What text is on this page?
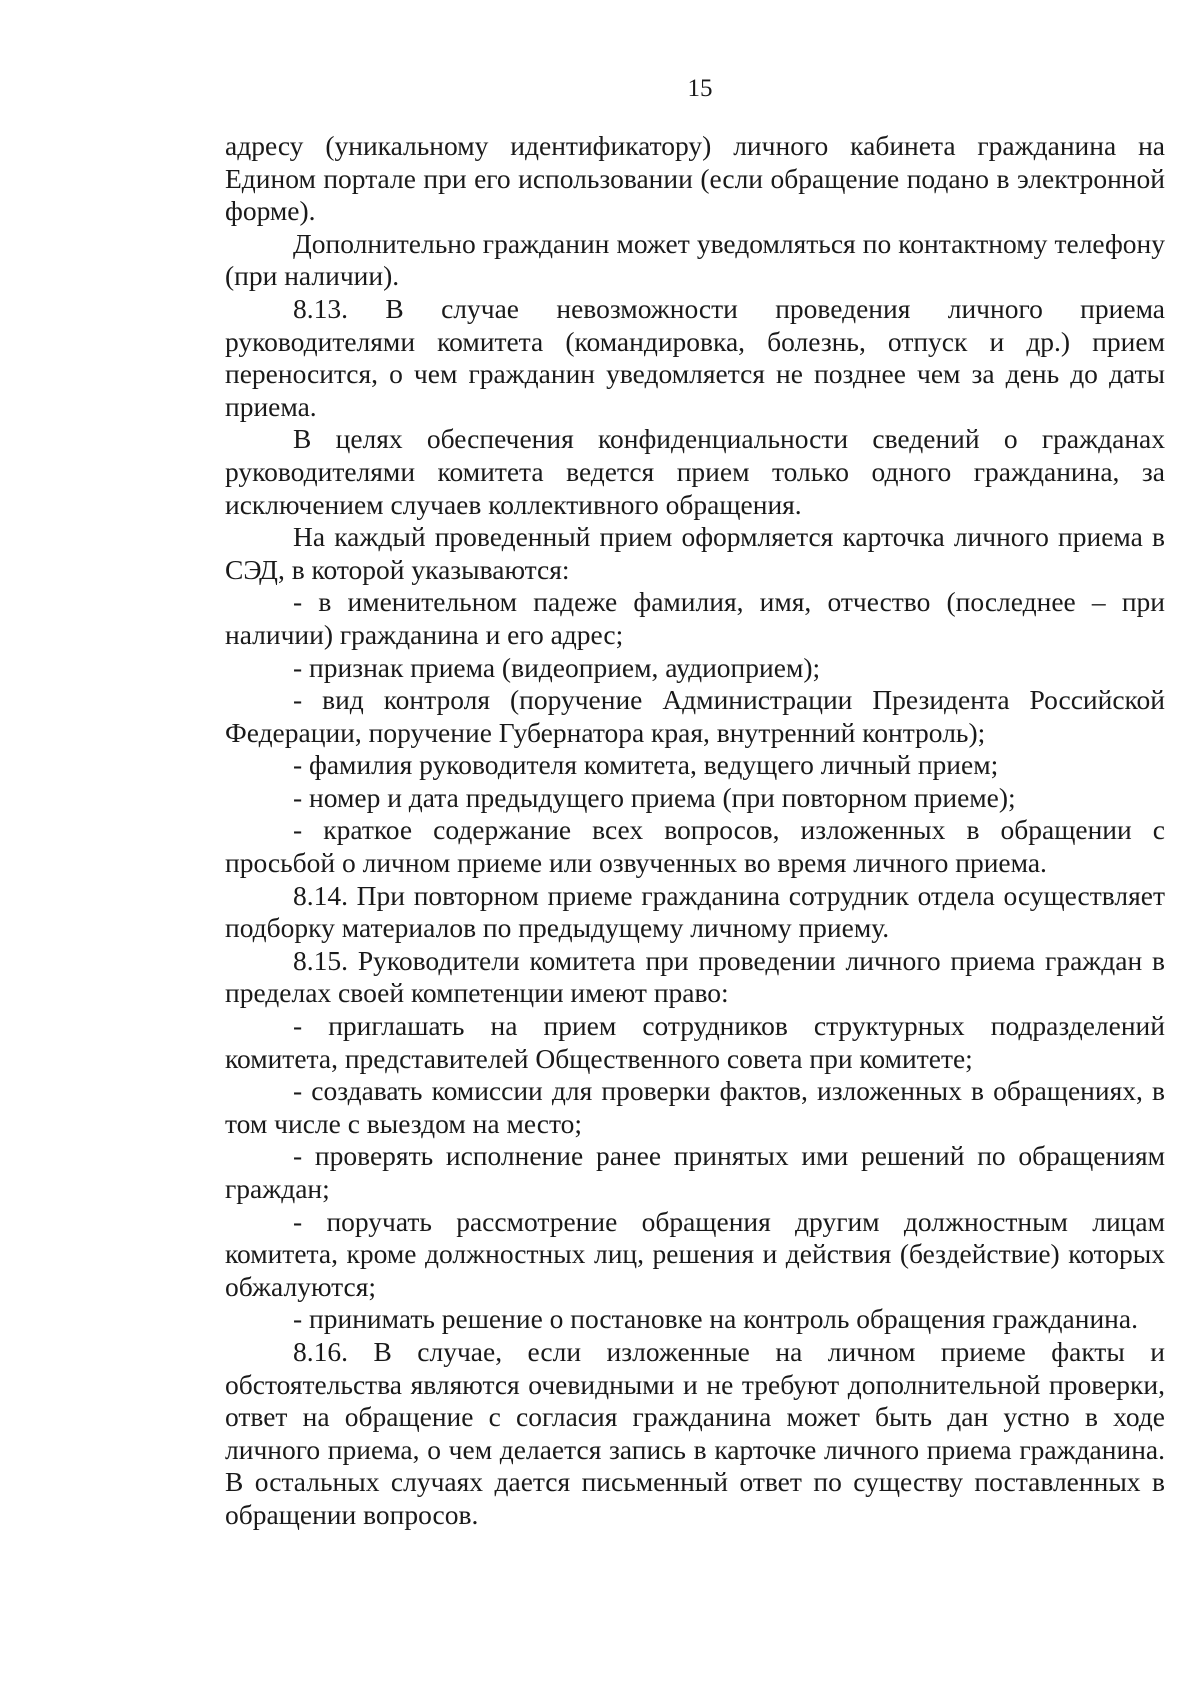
15

адресу (уникальному идентификатору) личного кабинета гражданина на Едином портале при его использовании (если обращение подано в электронной форме).

Дополнительно гражданин может уведомляться по контактному телефону (при наличии).

8.13. В случае невозможности проведения личного приема руководителями комитета (командировка, болезнь, отпуск и др.) прием переносится, о чем гражданин уведомляется не позднее чем за день до даты приема.

В целях обеспечения конфиденциальности сведений о гражданах руководителями комитета ведется прием только одного гражданина, за исключением случаев коллективного обращения.

На каждый проведенный прием оформляется карточка личного приема в СЭД, в которой указываются:

- в именительном падеже фамилия, имя, отчество (последнее – при наличии) гражданина и его адрес;

- признак приема (видеоприем, аудиоприем);

- вид контроля (поручение Администрации Президента Российской Федерации, поручение Губернатора края, внутренний контроль);

- фамилия руководителя комитета, ведущего личный прием;

- номер и дата предыдущего приема (при повторном приеме);

- краткое содержание всех вопросов, изложенных в обращении с просьбой о личном приеме или озвученных во время личного приема.

8.14. При повторном приеме гражданина сотрудник отдела осуществляет подборку материалов по предыдущему личному приему.

8.15. Руководители комитета при проведении личного приема граждан в пределах своей компетенции имеют право:

- приглашать на прием сотрудников структурных подразделений комитета, представителей Общественного совета при комитете;

- создавать комиссии для проверки фактов, изложенных в обращениях, в том числе с выездом на место;

- проверять исполнение ранее принятых ими решений по обращениям граждан;

- поручать рассмотрение обращения другим должностным лицам комитета, кроме должностных лиц, решения и действия (бездействие) которых обжалуются;

- принимать решение о постановке на контроль обращения гражданина.

8.16. В случае, если изложенные на личном приеме факты и обстоятельства являются очевидными и не требуют дополнительной проверки, ответ на обращение с согласия гражданина может быть дан устно в ходе личного приема, о чем делается запись в карточке личного приема гражданина. В остальных случаях дается письменный ответ по существу поставленных в обращении вопросов.
